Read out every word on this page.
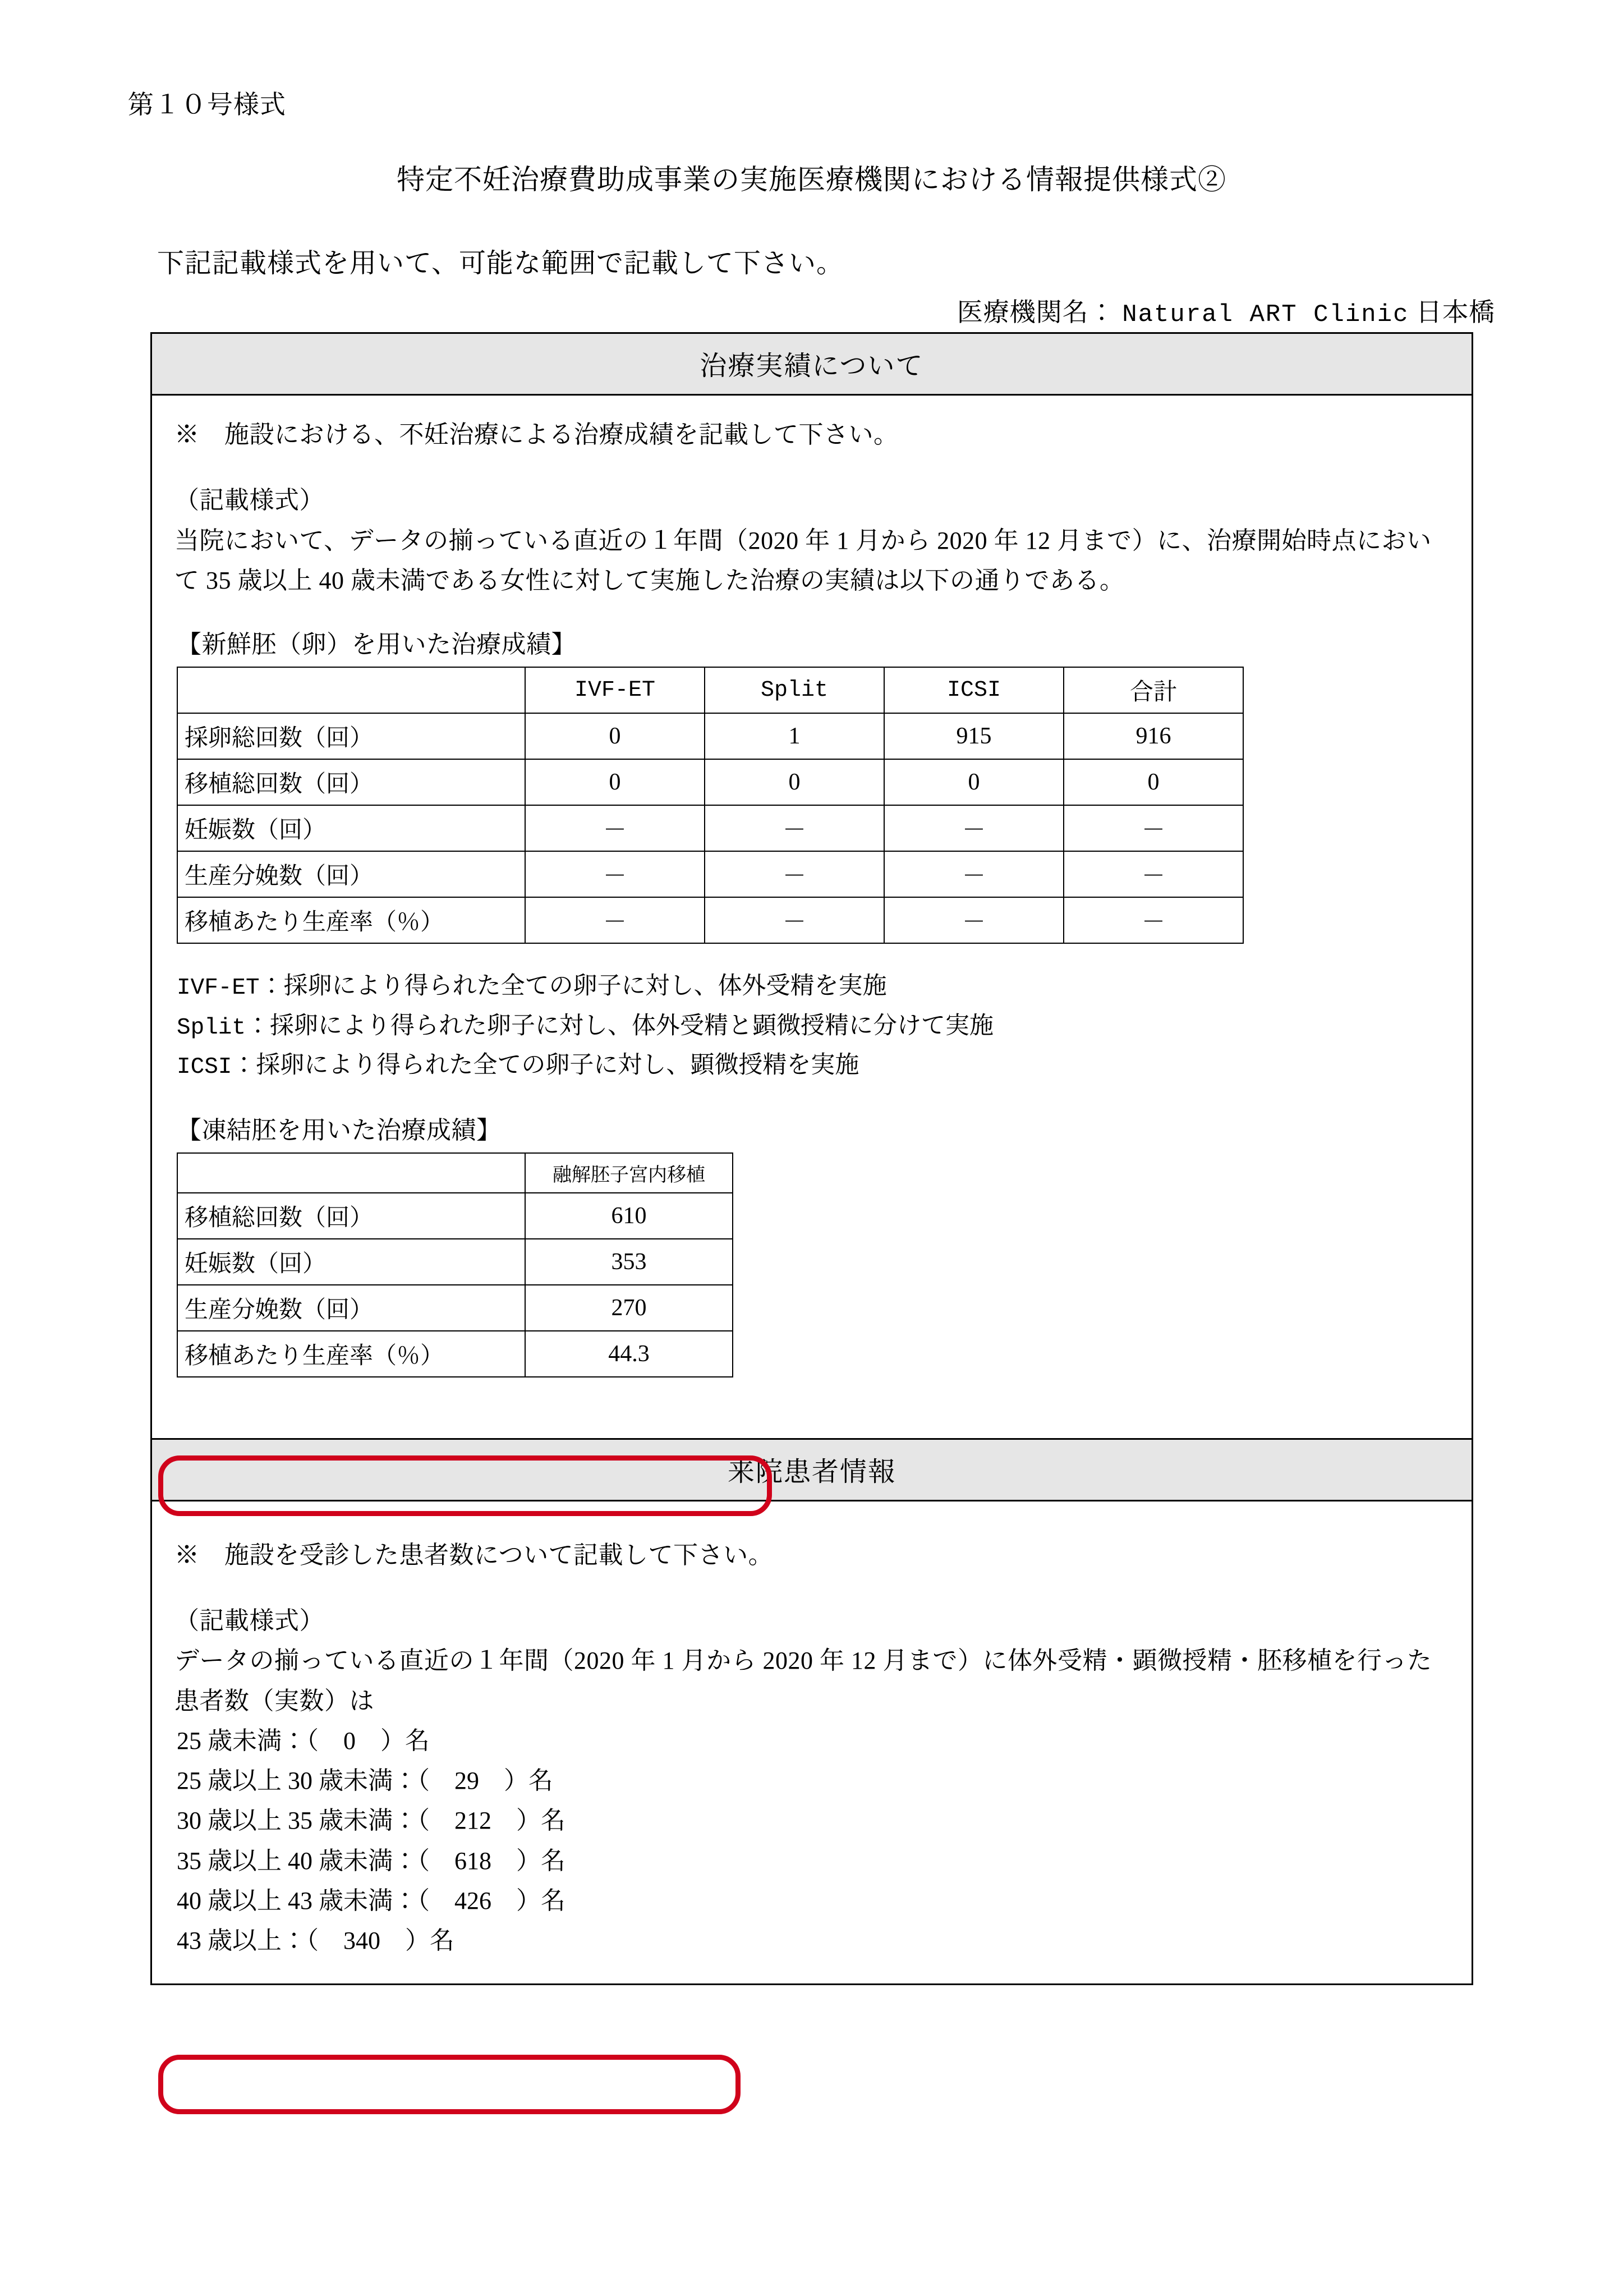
第１０号様式
特定不妊治療費助成事業の実施医療機関における情報提供様式②
下記記載様式を用いて、可能な範囲で記載して下さい。
医療機関名： Natural ART Clinic 日本橋
治療実績について

※　施設における、不妊治療による治療成績を記載して下さい。

（記載様式）

当院において、データの揃っている直近の１年間（2020 年 1 月から 2020 年 12 月まで）に、治療開始時点において 35 歳以上 40 歳未満である女性に対して実施した治療の実績は以下の通りである。

【新鮮胚（卵）を用いた治療成績】
	IVF-ET	Split	ICSI	合計
採卵総回数（回）	0	1	915	916
移植総回数（回）	0	0	0	0
妊娠数（回）	－	－	－	－
生産分娩数（回）	－	－	－	－
移植あたり生産率（％）	－	－	－	－
IVF-ET：採卵により得られた全ての卵子に対し、体外受精を実施
Split：採卵により得られた卵子に対し、体外受精と顕微授精に分けて実施
ICSI：採卵により得られた全ての卵子に対し、顕微授精を実施
【凍結胚を用いた治療成績】
	融解胚子宮内移植
移植総回数（回）	610
妊娠数（回）	353
生産分娩数（回）	270
移植あたり生産率（％）	44.3
来院患者情報

※　施設を受診した患者数について記載して下さい。

（記載様式）

データの揃っている直近の１年間（2020 年 1 月から 2020 年 12 月まで）に体外受精・顕微授精・胚移植を行った患者数（実数）は

25 歳未満：（　0　）名
25 歳以上 30 歳未満：（　29　）名
30 歳以上 35 歳未満：（　212　）名
35 歳以上 40 歳未満：（　618　）名
40 歳以上 43 歳未満：（　426　）名
43 歳以上：（　340　）名
